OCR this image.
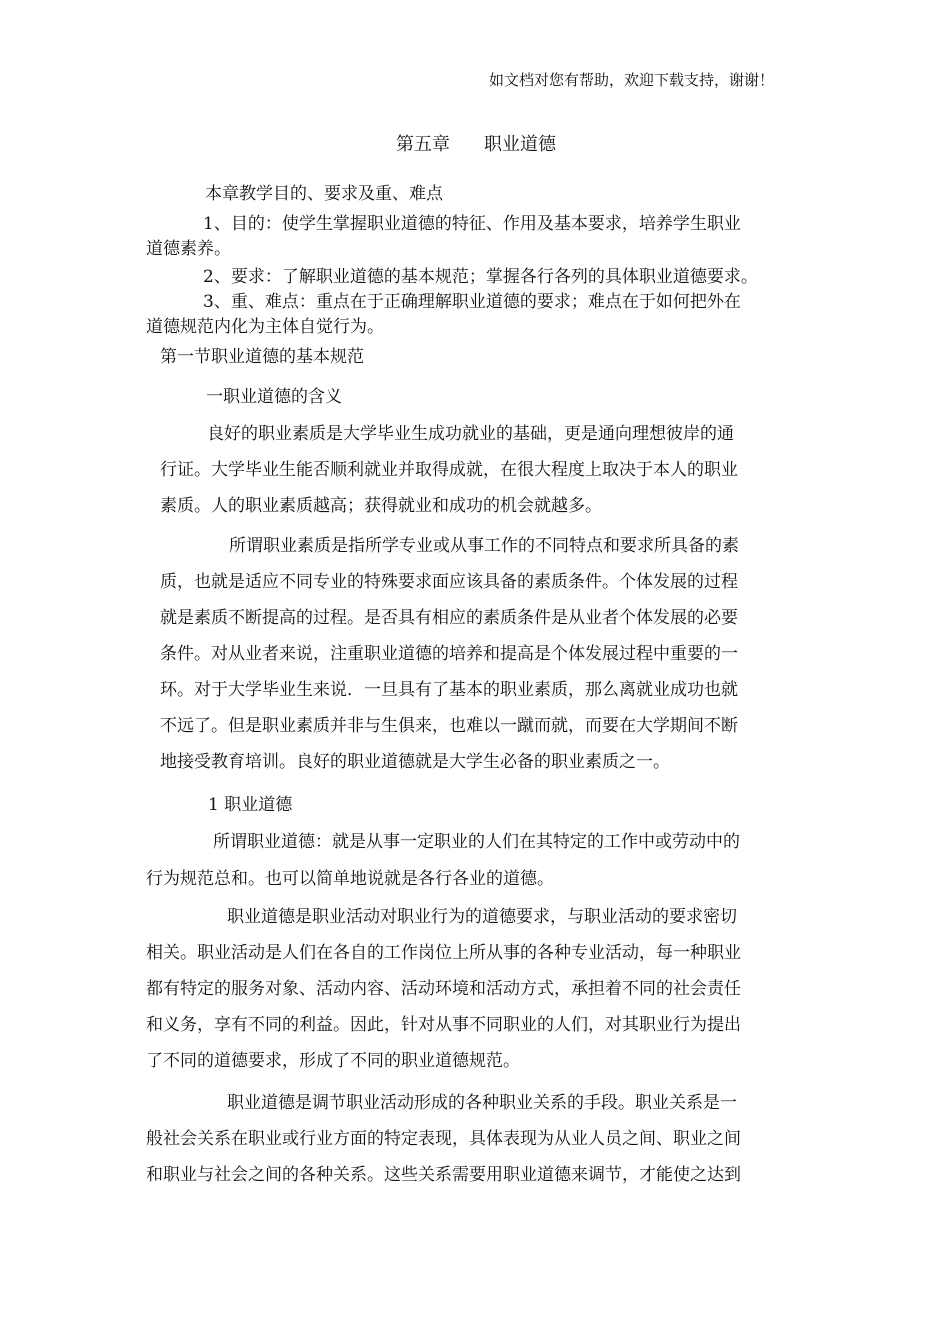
如文档对您有帮助，欢迎下载支持，谢谢！
第五章 职业道德
本章教学目的、要求及重、难点
1、目的：使学生掌握职业道德的特征、作用及基本要求，培养学生职业
道德素养。
2、要求：了解职业道德的基本规范；掌握各行各列的具体职业道德要求。
3、重、难点：重点在于正确理解职业道德的要求；难点在于如何把外在
道德规范内化为主体自觉行为。
第一节职业道德的基本规范
一职业道德的含义
良好的职业素质是大学毕业生成功就业的基础，更是通向理想彼岸的通
行证。大学毕业生能否顺利就业并取得成就，在很大程度上取决于本人的职业
素质。人的职业素质越高；获得就业和成功的机会就越多。
所谓职业素质是指所学专业或从事工作的不同特点和要求所具备的素
质，也就是适应不同专业的特殊要求面应该具备的素质条件。个体发展的过程
就是素质不断提高的过程。是否具有相应的素质条件是从业者个体发展的必要
条件。对从业者来说，注重职业道德的培养和提高是个体发展过程中重要的一
环。对于大学毕业生来说．一旦具有了基本的职业素质，那么离就业成功也就
不远了。但是职业素质并非与生俱来，也难以一蹴而就，而要在大学期间不断
地接受教育培训。良好的职业道德就是大学生必备的职业素质之一。
1 职业道德
所谓职业道德：就是从事一定职业的人们在其特定的工作中或劳动中的
行为规范总和。也可以简单地说就是各行各业的道德。
职业道德是职业活动对职业行为的道德要求，与职业活动的要求密切
相关。职业活动是人们在各自的工作岗位上所从事的各种专业活动，每一种职业
都有特定的服务对象、活动内容、活动环境和活动方式，承担着不同的社会责任
和义务，享有不同的利益。因此，针对从事不同职业的人们，对其职业行为提出
了不同的道德要求，形成了不同的职业道德规范。
职业道德是调节职业活动形成的各种职业关系的手段。职业关系是一
般社会关系在职业或行业方面的特定表现，具体表现为从业人员之间、职业之间
和职业与社会之间的各种关系。这些关系需要用职业道德来调节，才能使之达到
